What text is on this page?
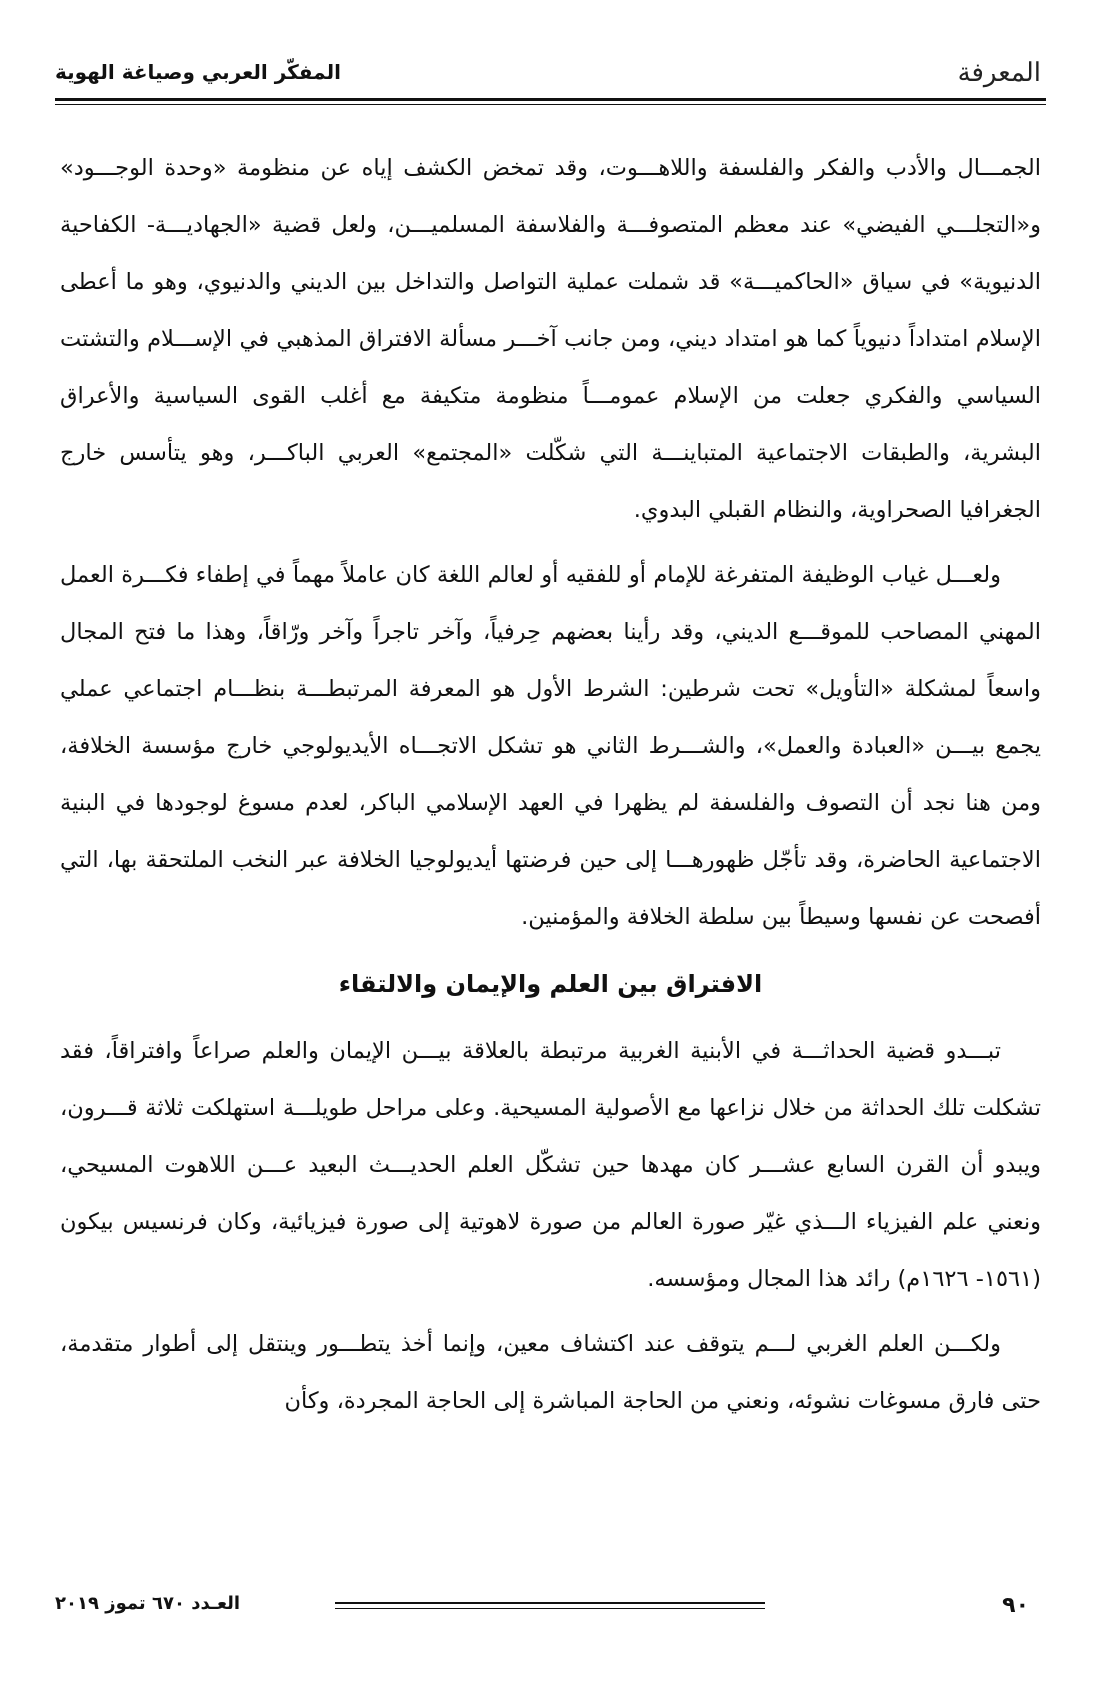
المعرفة
المفكّر العربي وصياغة الهوية

الجمـــال والأدب والفكر والفلسفة واللاهـــوت، وقد تمخض الكشف إياه عن منظومة «وحدة الوجـــود» و«التجلـــي الفيضي» عند معظم المتصوفـــة والفلاسفة المسلميـــن، ولعل قضية «الجهاديـــة- الكفاحية الدنيوية» في سياق «الحاكميـــة» قد شملت عملية التواصل والتداخل بين الديني والدنيوي، وهو ما أعطى الإسلام امتداداً دنيوياً كما هو امتداد ديني، ومن جانب آخـــر مسألة الافتراق المذهبي في الإســـلام والتشتت السياسي والفكري جعلت من الإسلام عمومـــاً منظومة متكيفة مع أغلب القوى السياسية والأعراق البشرية، والطبقات الاجتماعية المتباينـــة التي شكّلت «المجتمع» العربي الباكـــر، وهو يتأسس خارج الجغرافيا الصحراوية، والنظام القبلي البدوي.

ولعـــل غياب الوظيفة المتفرغة للإمام أو للفقيه أو لعالم اللغة كان عاملاً مهماً في إطفاء فكـــرة العمل المهني المصاحب للموقـــع الديني، وقد رأينا بعضهم حِرفياً، وآخر تاجراً وآخر ورّاقاً، وهذا ما فتح المجال واسعاً لمشكلة «التأويل» تحت شرطين: الشرط الأول هو المعرفة المرتبطـــة بنظـــام اجتماعي عملي يجمع بيـــن «العبادة والعمل»، والشـــرط الثاني هو تشكل الاتجـــاه الأيديولوجي خارج مؤسسة الخلافة، ومن هنا نجد أن التصوف والفلسفة لم يظهرا في العهد الإسلامي الباكر، لعدم مسوغ لوجودها في البنية الاجتماعية الحاضرة، وقد تأجّل ظهورهـــا إلى حين فرضتها أيديولوجيا الخلافة عبر النخب الملتحقة بها، التي أفصحت عن نفسها وسيطاً بين سلطة الخلافة والمؤمنين.

الافتراق بين العلم والإيمان والالتقاء

تبـــدو قضية الحداثـــة في الأبنية الغربية مرتبطة بالعلاقة بيـــن الإيمان والعلم صراعاً وافتراقاً، فقد تشكلت تلك الحداثة من خلال نزاعها مع الأصولية المسيحية. وعلى مراحل طويلـــة استهلكت ثلاثة قـــرون، ويبدو أن القرن السابع عشـــر كان مهدها حين تشكّل العلم الحديـــث البعيد عـــن اللاهوت المسيحي، ونعني علم الفيزياء الـــذي غيّر صورة العالم من صورة لاهوتية إلى صورة فيزيائية، وكان فرنسيس بيكون (١٥٦١- ١٦٢٦م) رائد هذا المجال ومؤسسه.

ولكـــن العلم الغربي لـــم يتوقف عند اكتشاف معين، وإنما أخذ يتطـــور وينتقل إلى أطوار متقدمة، حتى فارق مسوغات نشوئه، ونعني من الحاجة المباشرة إلى الحاجة المجردة، وكأن

٩٠
العـدد ٦٧٠ تموز ٢٠١٩
